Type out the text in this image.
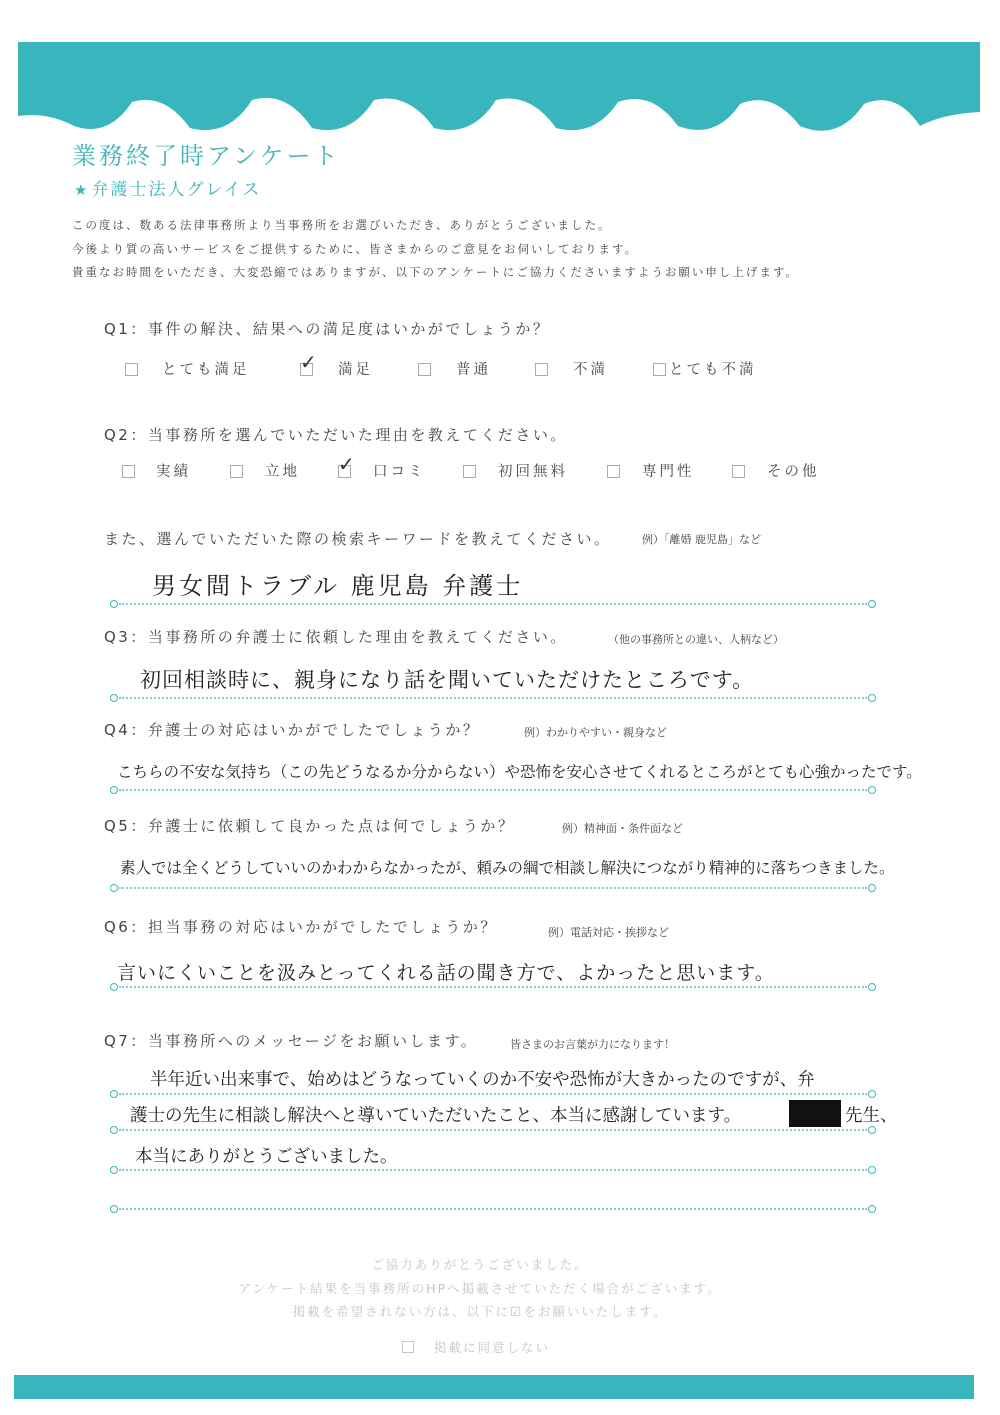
業務終了時アンケート
★ 弁護士法人グレイス

この度は、数ある法律事務所より当事務所をお選びいただき、ありがとうございました。

今後より質の高いサービスをご提供するために、皆さまからのご意見をお伺いしております。

貴重なお時間をいただき、大変恐縮ではありますが、以下のアンケートにご協力くださいますようお願い申し上げます。

Q1：事件の解決、結果への満足度はいかがでしょうか？
とても満足	✓ 満足	普通	不満	とても不満
Q2：当事務所を選んでいただいた理由を教えてください。
実績	立地 ✓ 口コミ	初回無料	専門性	その他
また、選んでいただいた際の検索キーワードを教えてください。	例）「離婚 鹿児島」など
男女間トラブル 鹿児島 弁護士
Q3：当事務所の弁護士に依頼した理由を教えてください。	（他の事務所との違い、人柄など）
初回相談時に、親身になり話を聞いていただけたところです。
Q4：弁護士の対応はいかがでしたでしょうか？	例）わかりやすい・親身など
こちらの不安な気持ち（この先どうなるか分からない）や恐怖を安心させてくれるところがとても心強かったです。
Q5：弁護士に依頼して良かった点は何でしょうか？	例）精神面・条件面など
素人では全くどうしていいのかわからなかったが、頼みの綱で相談し解決につながり精神的に落ちつきました。
Q6：担当事務の対応はいかがでしたでしょうか？	例）電話対応・挨拶など
言いにくいことを汲みとってくれる話の聞き方で、よかったと思います。
Q7：当事務所へのメッセージをお願いします。	皆さまのお言葉が力になります！
半年近い出来事で、始めはどうなっていくのか不安や恐怖が大きかったのですが、弁
護士の先生に相談し解決へと導いていただいたこと、本当に感謝しています。	先生、
本当にありがとうございました。
ご協力ありがとうございました。
アンケート結果を当事務所のHPへ掲載させていただく場合がございます。
掲載を希望されない方は、以下に☑をお願いいたします。
掲載に同意しない
